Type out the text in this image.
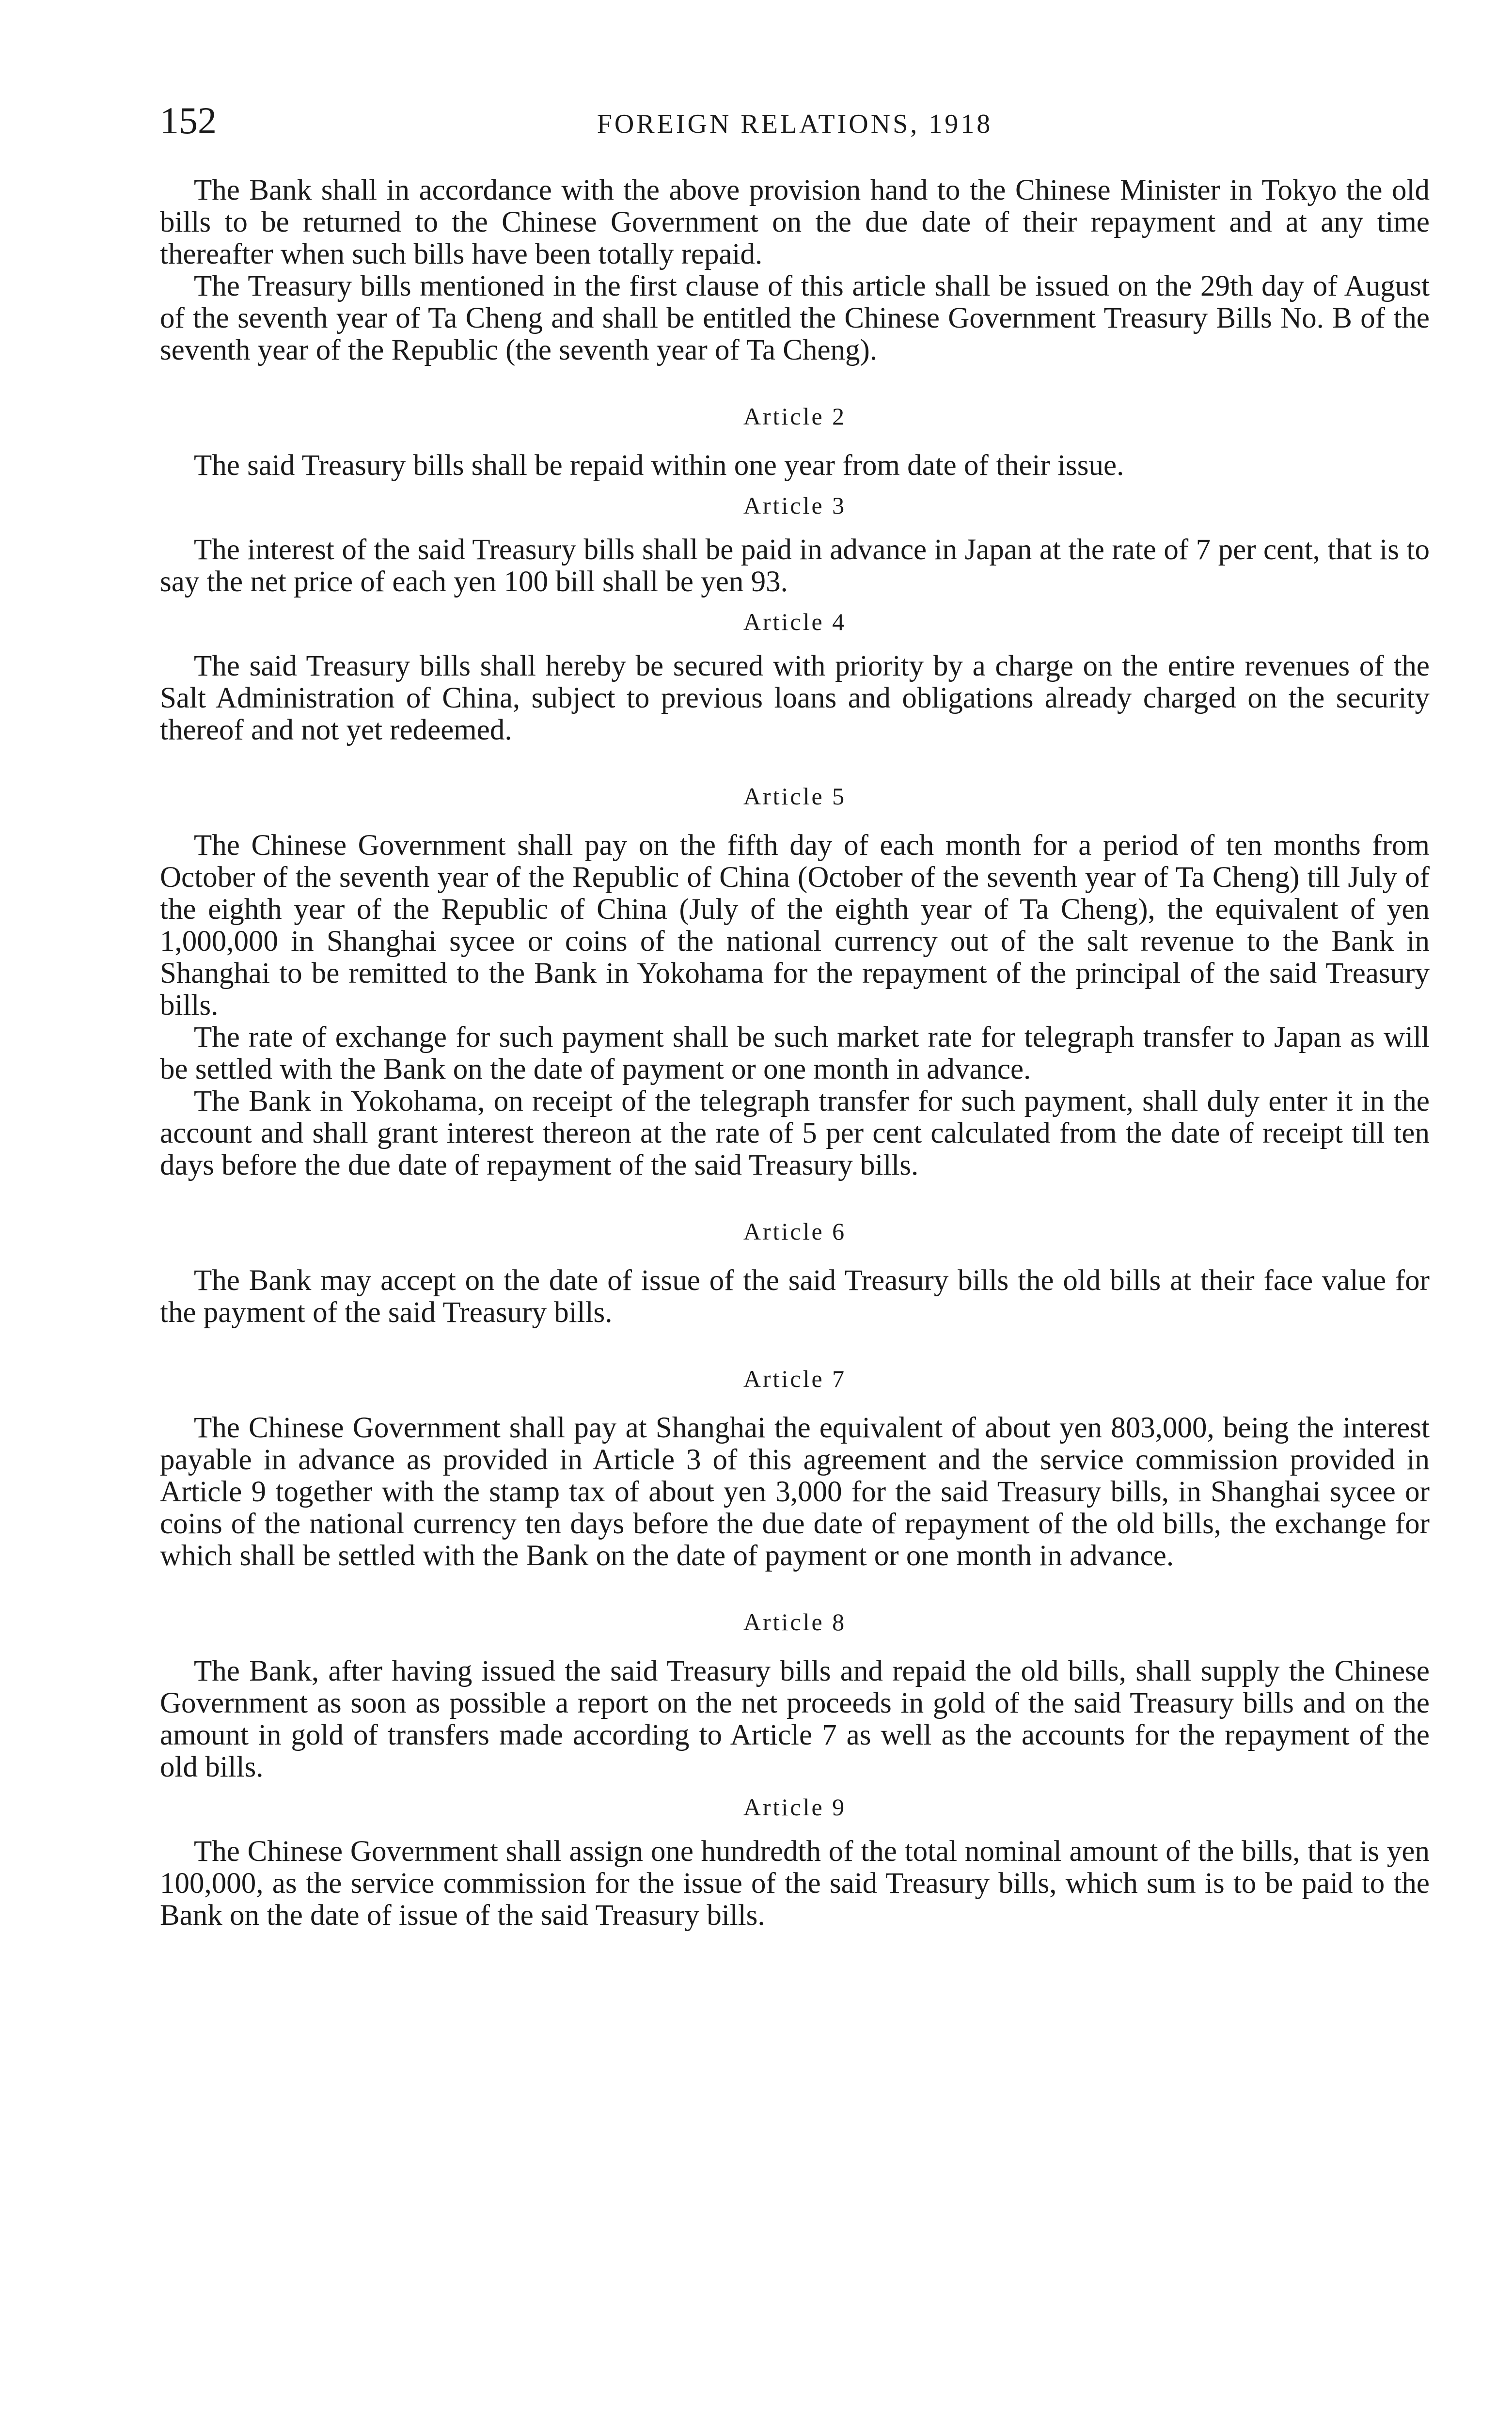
152	FOREIGN RELATIONS, 1918

The Bank shall in accordance with the above provision hand to the Chinese Minister in Tokyo the old bills to be returned to the Chinese Government on the due date of their repayment and at any time thereafter when such bills have been totally repaid.

The Treasury bills mentioned in the first clause of this article shall be issued on the 29th day of August of the seventh year of Ta Cheng and shall be entitled the Chinese Government Treasury Bills No. B of the seventh year of the Republic (the seventh year of Ta Cheng).

Article 2

The said Treasury bills shall be repaid within one year from date of their issue.

Article 3

The interest of the said Treasury bills shall be paid in advance in Japan at the rate of 7 per cent, that is to say the net price of each yen 100 bill shall be yen 93.

Article 4

The said Treasury bills shall hereby be secured with priority by a charge on the entire revenues of the Salt Administration of China, subject to previous loans and obligations already charged on the security thereof and not yet redeemed.

Article 5

The Chinese Government shall pay on the fifth day of each month for a period of ten months from October of the seventh year of the Republic of China (October of the seventh year of Ta Cheng) till July of the eighth year of the Republic of China (July of the eighth year of Ta Cheng), the equivalent of yen 1,000,000 in Shanghai sycee or coins of the national currency out of the salt revenue to the Bank in Shanghai to be remitted to the Bank in Yokohama for the repayment of the principal of the said Treasury bills.

The rate of exchange for such payment shall be such market rate for telegraph transfer to Japan as will be settled with the Bank on the date of payment or one month in advance.

The Bank in Yokohama, on receipt of the telegraph transfer for such payment, shall duly enter it in the account and shall grant interest thereon at the rate of 5 per cent calculated from the date of receipt till ten days before the due date of repayment of the said Treasury bills.

Article 6

The Bank may accept on the date of issue of the said Treasury bills the old bills at their face value for the payment of the said Treasury bills.

Article 7

The Chinese Government shall pay at Shanghai the equivalent of about yen 803,000, being the interest payable in advance as provided in Article 3 of this agreement and the service commission provided in Article 9 together with the stamp tax of about yen 3,000 for the said Treasury bills, in Shanghai sycee or coins of the national currency ten days before the due date of repayment of the old bills, the exchange for which shall be settled with the Bank on the date of payment or one month in advance.

Article 8

The Bank, after having issued the said Treasury bills and repaid the old bills, shall supply the Chinese Government as soon as possible a report on the net proceeds in gold of the said Treasury bills and on the amount in gold of transfers made according to Article 7 as well as the accounts for the repayment of the old bills.

Article 9

The Chinese Government shall assign one hundredth of the total nominal amount of the bills, that is yen 100,000, as the service commission for the issue of the said Treasury bills, which sum is to be paid to the Bank on the date of issue of the said Treasury bills.
